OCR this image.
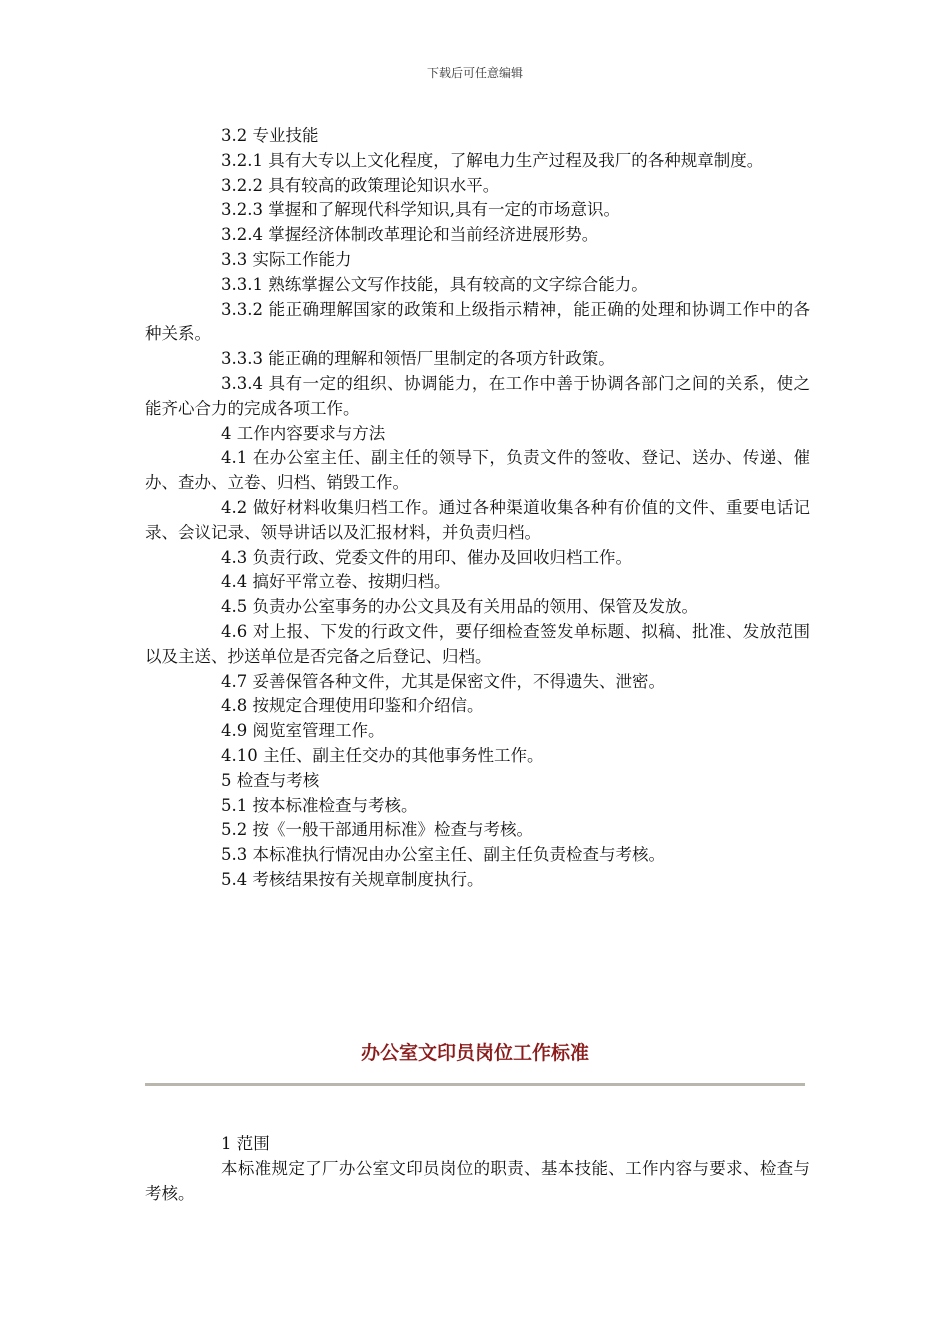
下载后可任意编辑

3.2 专业技能

3.2.1 具有大专以上文化程度，了解电力生产过程及我厂的各种规章制度。

3.2.2 具有较高的政策理论知识水平。

3.2.3 掌握和了解现代科学知识,具有一定的市场意识。

3.2.4 掌握经济体制改革理论和当前经济进展形势。

3.3 实际工作能力

3.3.1 熟练掌握公文写作技能，具有较高的文字综合能力。

3.3.2 能正确理解国家的政策和上级指示精神，能正确的处理和协调工作中的各种关系。

3.3.3 能正确的理解和领悟厂里制定的各项方针政策。

3.3.4 具有一定的组织、协调能力，在工作中善于协调各部门之间的关系，使之能齐心合力的完成各项工作。

4 工作内容要求与方法

4.1 在办公室主任、副主任的领导下，负责文件的签收、登记、送办、传递、催办、查办、立卷、归档、销毁工作。

4.2 做好材料收集归档工作。通过各种渠道收集各种有价值的文件、重要电话记录、会议记录、领导讲话以及汇报材料，并负责归档。

4.3 负责行政、党委文件的用印、催办及回收归档工作。

4.4 搞好平常立卷、按期归档。

4.5 负责办公室事务的办公文具及有关用品的领用、保管及发放。

4.6 对上报、下发的行政文件，要仔细检查签发单标题、拟稿、批准、发放范围以及主送、抄送单位是否完备之后登记、归档。

4.7 妥善保管各种文件，尤其是保密文件，不得遗失、泄密。

4.8 按规定合理使用印鉴和介绍信。

4.9 阅览室管理工作。

4.10 主任、副主任交办的其他事务性工作。

5 检查与考核

5.1 按本标准检查与考核。

5.2 按《一般干部通用标准》检查与考核。

5.3 本标准执行情况由办公室主任、副主任负责检查与考核。

5.4 考核结果按有关规章制度执行。

办公室文印员岗位工作标准

1 范围

本标准规定了厂办公室文印员岗位的职责、基本技能、工作内容与要求、检查与考核。
